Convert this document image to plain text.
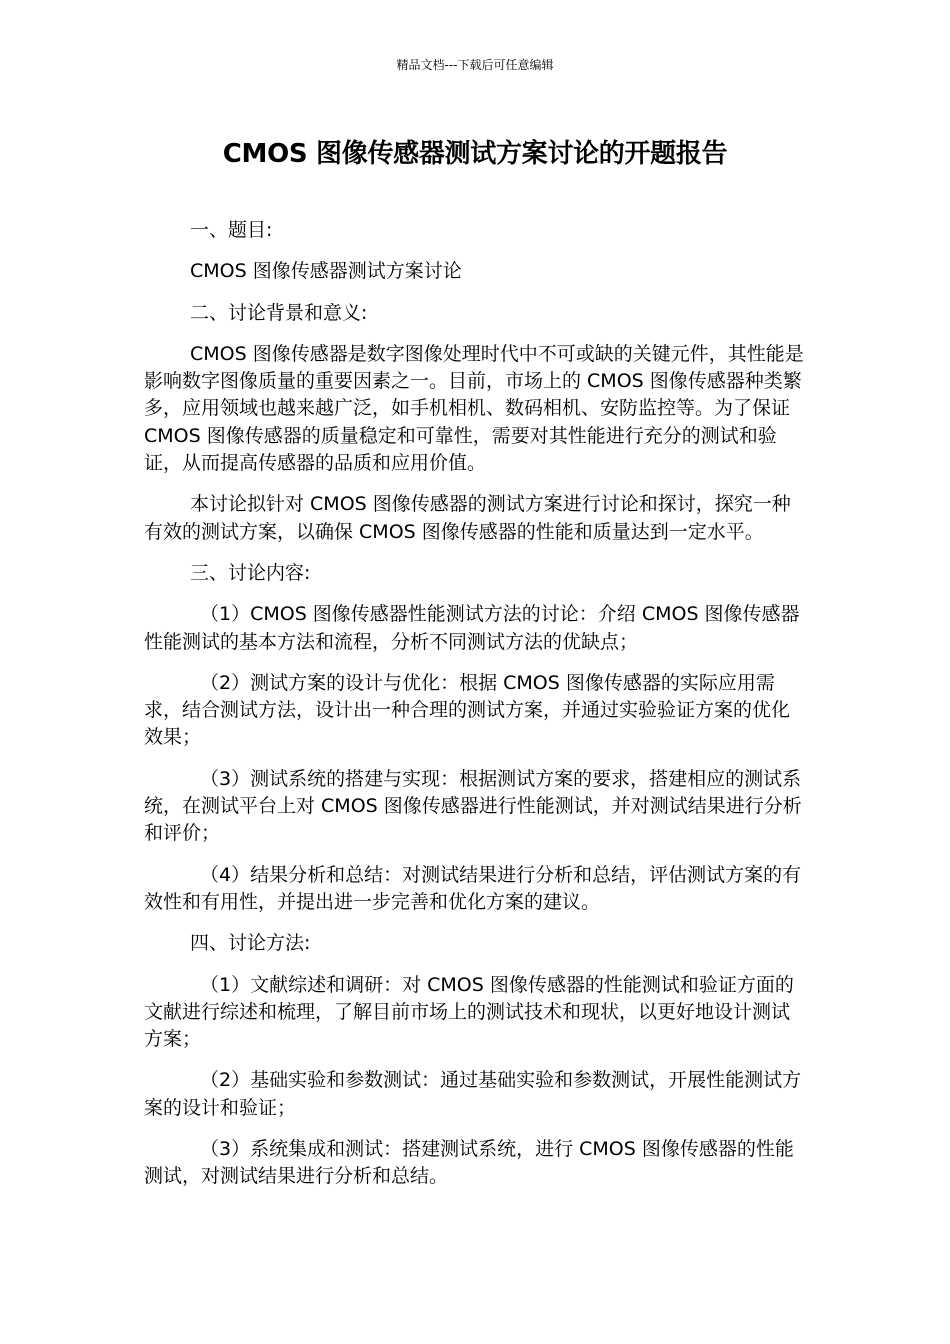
精品文档---下载后可任意编辑
CMOS 图像传感器测试方案讨论的开题报告

一、题目:

CMOS 图像传感器测试方案讨论

二、讨论背景和意义:

CMOS 图像传感器是数字图像处理时代中不可或缺的关键元件，其性能是影响数字图像质量的重要因素之一。目前，市场上的 CMOS 图像传感器种类繁多，应用领域也越来越广泛，如手机相机、数码相机、安防监控等。为了保证 CMOS 图像传感器的质量稳定和可靠性，需要对其性能进行充分的测试和验证，从而提高传感器的品质和应用价值。

本讨论拟针对 CMOS 图像传感器的测试方案进行讨论和探讨，探究一种有效的测试方案，以确保 CMOS 图像传感器的性能和质量达到一定水平。

三、讨论内容:

（1）CMOS 图像传感器性能测试方法的讨论：介绍 CMOS 图像传感器性能测试的基本方法和流程，分析不同测试方法的优缺点；

（2）测试方案的设计与优化：根据 CMOS 图像传感器的实际应用需求，结合测试方法，设计出一种合理的测试方案，并通过实验验证方案的优化效果；

（3）测试系统的搭建与实现：根据测试方案的要求，搭建相应的测试系统，在测试平台上对 CMOS 图像传感器进行性能测试，并对测试结果进行分析和评价；

（4）结果分析和总结：对测试结果进行分析和总结，评估测试方案的有效性和有用性，并提出进一步完善和优化方案的建议。

四、讨论方法:

（1）文献综述和调研：对 CMOS 图像传感器的性能测试和验证方面的文献进行综述和梳理，了解目前市场上的测试技术和现状，以更好地设计测试方案；

（2）基础实验和参数测试：通过基础实验和参数测试，开展性能测试方案的设计和验证；

（3）系统集成和测试：搭建测试系统，进行 CMOS 图像传感器的性能测试，对测试结果进行分析和总结。
